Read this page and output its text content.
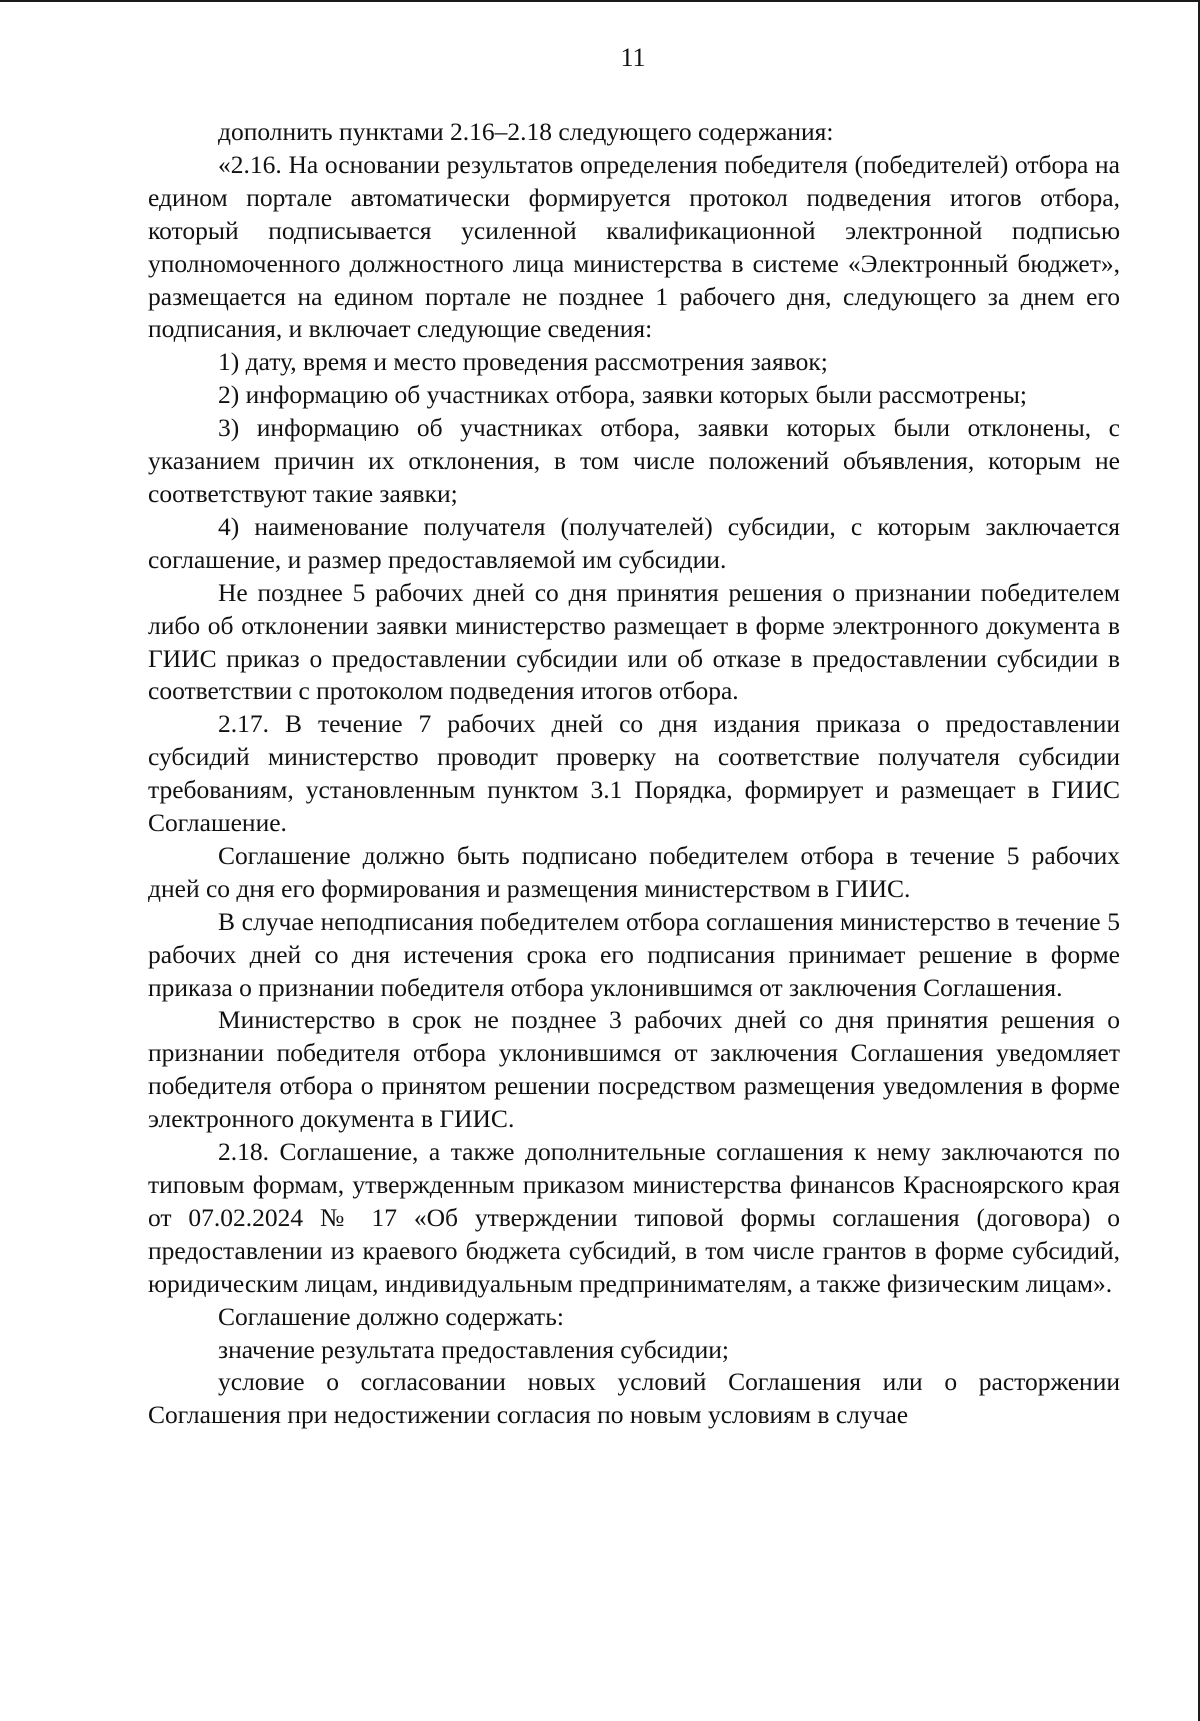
11

дополнить пунктами 2.16–2.18 следующего содержания:

«2.16. На основании результатов определения победителя (победителей) отбора на едином портале автоматически формируется протокол подведения итогов отбора, который подписывается усиленной квалификационной электронной подписью уполномоченного должностного лица министерства в системе «Электронный бюджет», размещается на едином портале не позднее 1 рабочего дня, следующего за днем его подписания, и включает следующие сведения:

1) дату, время и место проведения рассмотрения заявок;

2) информацию об участниках отбора, заявки которых были рассмотрены;

3) информацию об участниках отбора, заявки которых были отклонены, с указанием причин их отклонения, в том числе положений объявления, которым не соответствуют такие заявки;

4) наименование получателя (получателей) субсидии, с которым заключается соглашение, и размер предоставляемой им субсидии.

Не позднее 5 рабочих дней со дня принятия решения о признании победителем либо об отклонении заявки министерство размещает в форме электронного документа в ГИИС приказ о предоставлении субсидии или об отказе в предоставлении субсидии в соответствии с протоколом подведения итогов отбора.

2.17. В течение 7 рабочих дней со дня издания приказа о предоставлении субсидий министерство проводит проверку на соответствие получателя субсидии требованиям, установленным пунктом 3.1 Порядка, формирует и размещает в ГИИС Соглашение.

Соглашение должно быть подписано победителем отбора в течение 5 рабочих дней со дня его формирования и размещения министерством в ГИИС.

В случае неподписания победителем отбора соглашения министерство в течение 5 рабочих дней со дня истечения срока его подписания принимает решение в форме приказа о признании победителя отбора уклонившимся от заключения Соглашения.

Министерство в срок не позднее 3 рабочих дней со дня принятия решения о признании победителя отбора уклонившимся от заключения Соглашения уведомляет победителя отбора о принятом решении посредством размещения уведомления в форме электронного документа в ГИИС.

2.18. Соглашение, а также дополнительные соглашения к нему заключаются по типовым формам, утвержденным приказом министерства финансов Красноярского края от 07.02.2024 № 17 «Об утверждении типовой формы соглашения (договора) о предоставлении из краевого бюджета субсидий, в том числе грантов в форме субсидий, юридическим лицам, индивидуальным предпринимателям, а также физическим лицам».

Соглашение должно содержать:

значение результата предоставления субсидии;

условие о согласовании новых условий Соглашения или о расторжении Соглашения при недостижении согласия по новым условиям в случае
